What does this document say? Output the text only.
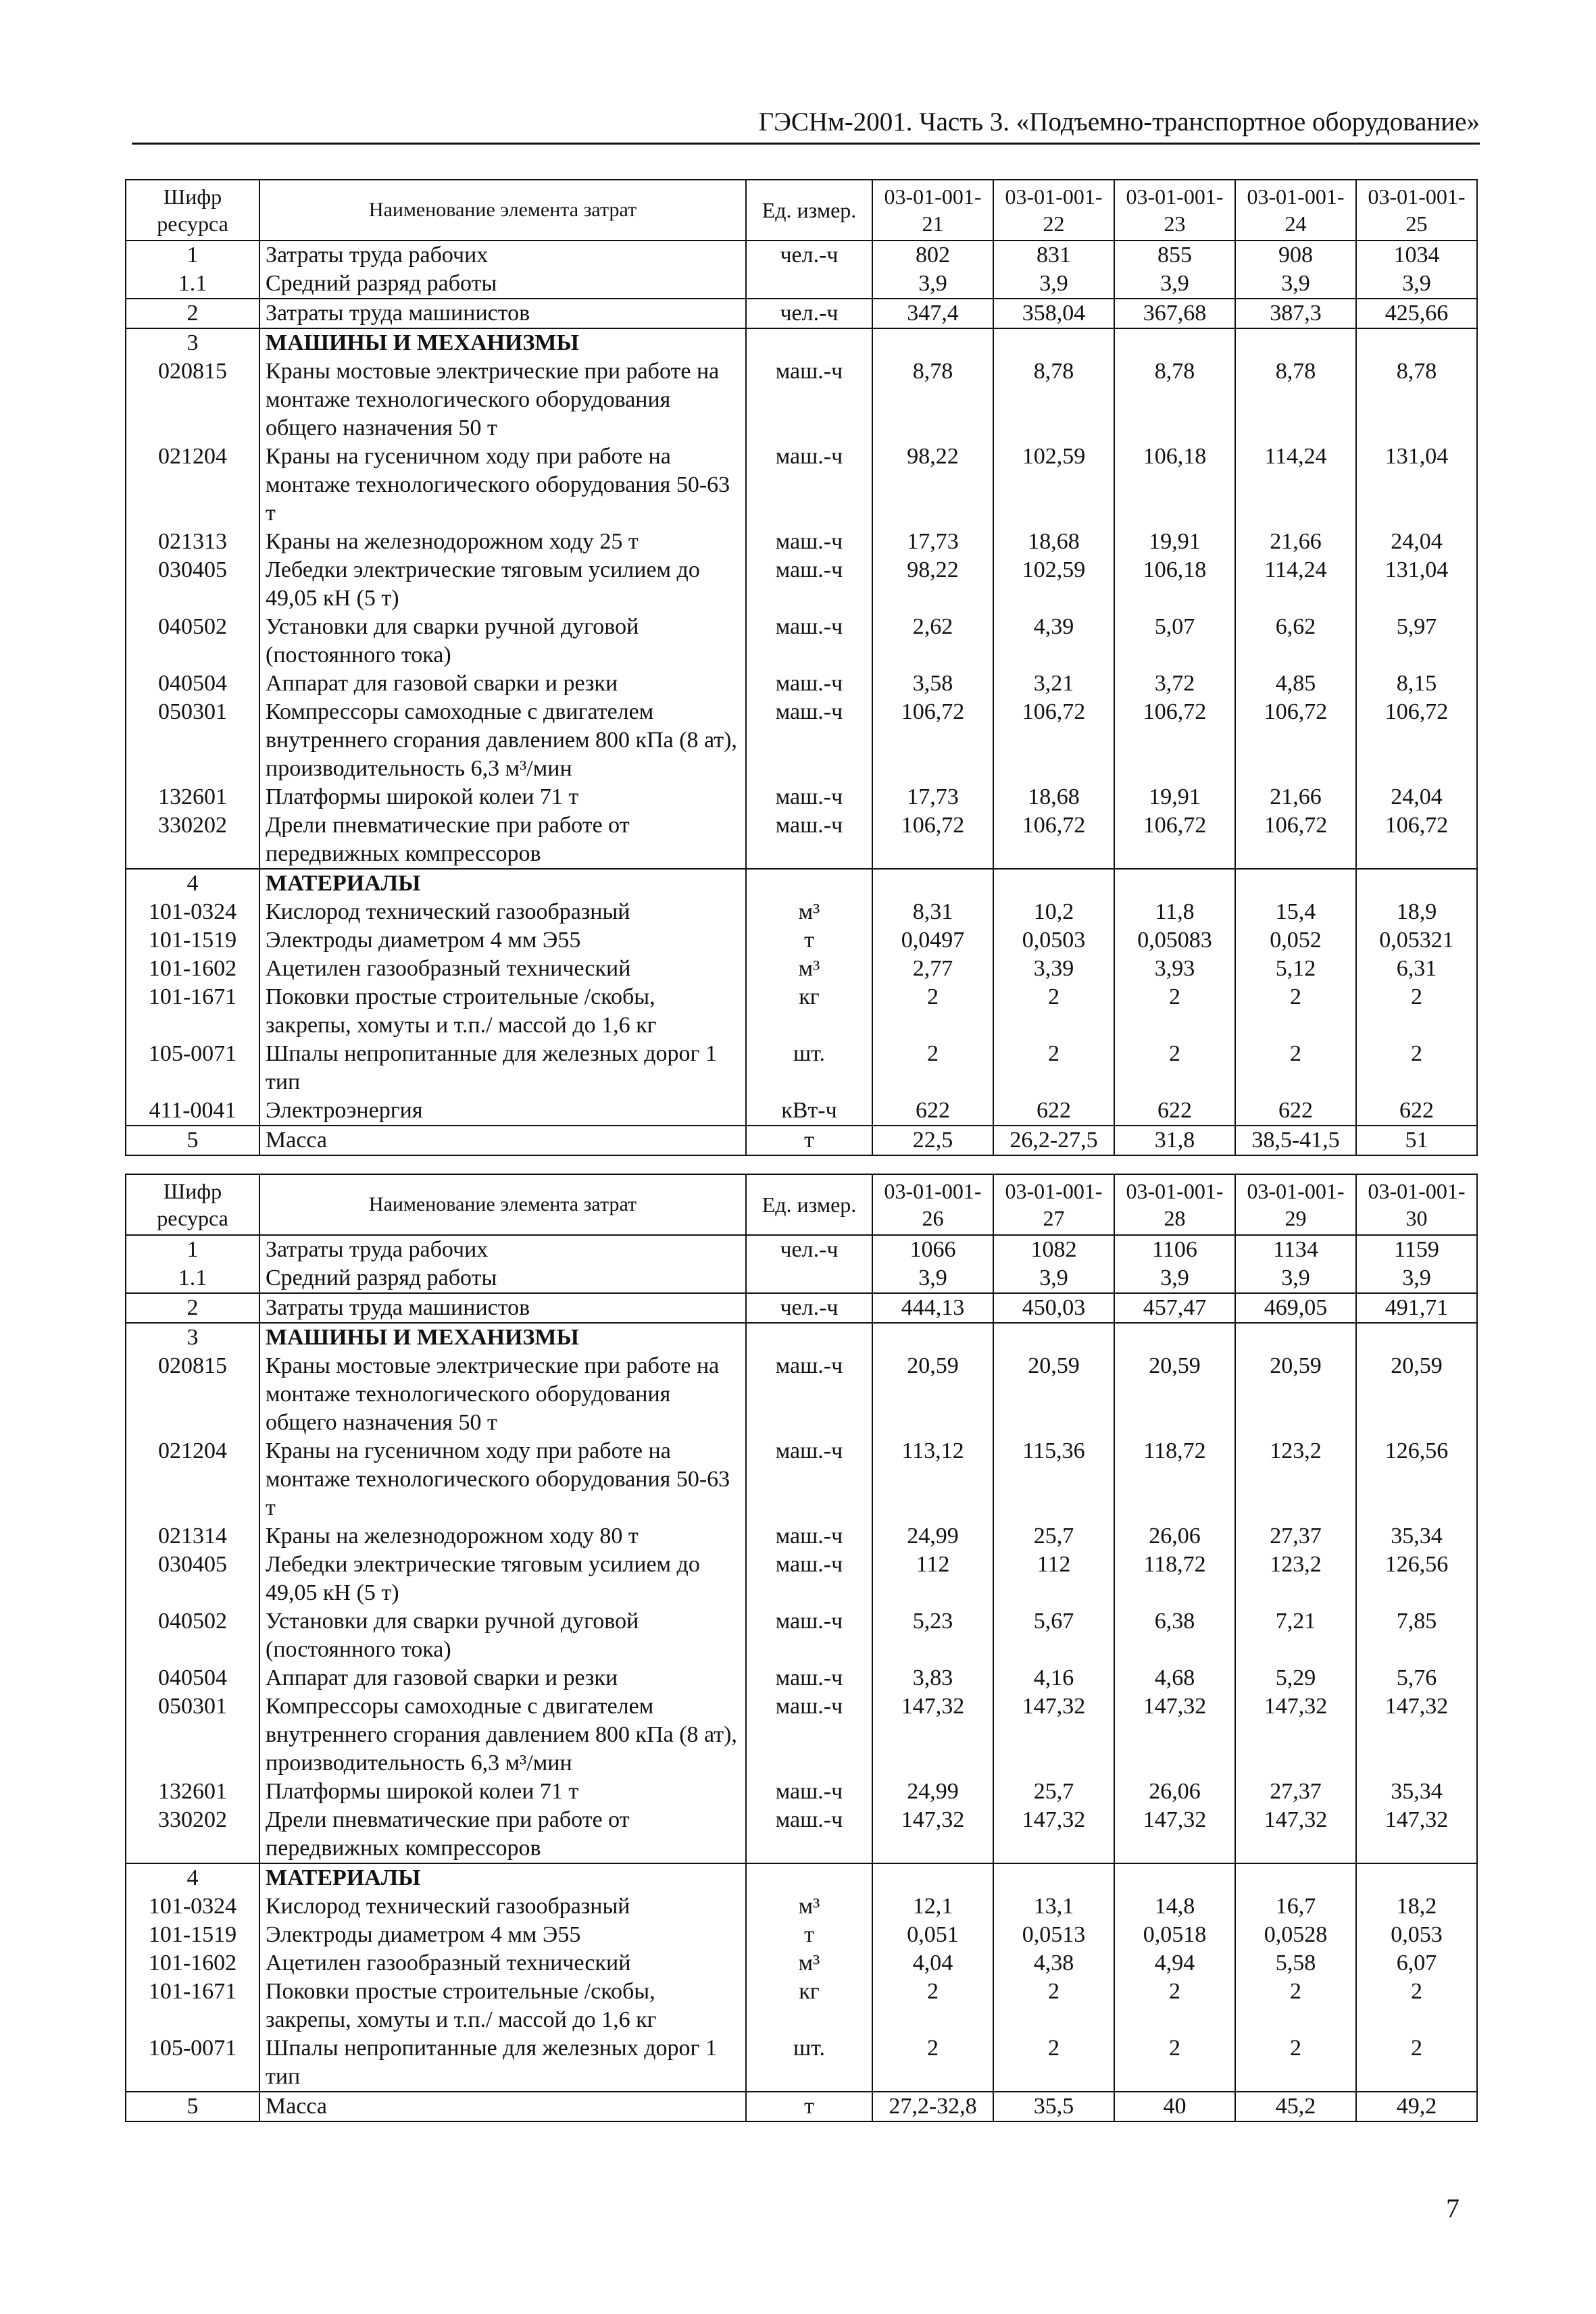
ГЭСНм-2001. Часть 3. «Подъемно-транспортное оборудование»
Шифр ресурса	Наименование элемента затрат	Ед. измер.	03-01-001-21	03-01-001-22	03-01-001-23	03-01-001-24	03-01-001-25
1	Затраты труда рабочих	чел.-ч	802	831	855	908	1034
1.1	Средний разряд работы		3,9	3,9	3,9	3,9	3,9
2	Затраты труда машинистов	чел.-ч	347,4	358,04	367,68	387,3	425,66
3	МАШИНЫ И МЕХАНИЗМЫ						
020815	Краны мостовые электрические при работе на монтаже технологического оборудования общего назначения 50 т	маш.-ч	8,78	8,78	8,78	8,78	8,78
021204	Краны на гусеничном ходу при работе на монтаже технологического оборудования 50-63 т	маш.-ч	98,22	102,59	106,18	114,24	131,04
021313	Краны на железнодорожном ходу 25 т	маш.-ч	17,73	18,68	19,91	21,66	24,04
030405	Лебедки электрические тяговым усилием до 49,05 кН (5 т)	маш.-ч	98,22	102,59	106,18	114,24	131,04
040502	Установки для сварки ручной дуговой (постоянного тока)	маш.-ч	2,62	4,39	5,07	6,62	5,97
040504	Аппарат для газовой сварки и резки	маш.-ч	3,58	3,21	3,72	4,85	8,15
050301	Компрессоры самоходные с двигателем внутреннего сгорания давлением 800 кПа (8 ат), производительность 6,3 м³/мин	маш.-ч	106,72	106,72	106,72	106,72	106,72
132601	Платформы широкой колеи 71 т	маш.-ч	17,73	18,68	19,91	21,66	24,04
330202	Дрели пневматические при работе от передвижных компрессоров	маш.-ч	106,72	106,72	106,72	106,72	106,72
4	МАТЕРИАЛЫ						
101-0324	Кислород технический газообразный	м³	8,31	10,2	11,8	15,4	18,9
101-1519	Электроды диаметром 4 мм Э55	т	0,0497	0,0503	0,05083	0,052	0,05321
101-1602	Ацетилен газообразный технический	м³	2,77	3,39	3,93	5,12	6,31
101-1671	Поковки простые строительные /скобы, закрепы, хомуты и т.п./ массой до 1,6 кг	кг	2	2	2	2	2
105-0071	Шпалы непропитанные для железных дорог 1 тип	шт.	2	2	2	2	2
411-0041	Электроэнергия	кВт-ч	622	622	622	622	622
5	Масса	т	22,5	26,2-27,5	31,8	38,5-41,5	51
Шифр ресурса	Наименование элемента затрат	Ед. измер.	03-01-001-26	03-01-001-27	03-01-001-28	03-01-001-29	03-01-001-30
1	Затраты труда рабочих	чел.-ч	1066	1082	1106	1134	1159
1.1	Средний разряд работы		3,9	3,9	3,9	3,9	3,9
2	Затраты труда машинистов	чел.-ч	444,13	450,03	457,47	469,05	491,71
3	МАШИНЫ И МЕХАНИЗМЫ						
020815	Краны мостовые электрические при работе на монтаже технологического оборудования общего назначения 50 т	маш.-ч	20,59	20,59	20,59	20,59	20,59
021204	Краны на гусеничном ходу при работе на монтаже технологического оборудования 50-63 т	маш.-ч	113,12	115,36	118,72	123,2	126,56
021314	Краны на железнодорожном ходу 80 т	маш.-ч	24,99	25,7	26,06	27,37	35,34
030405	Лебедки электрические тяговым усилием до 49,05 кН (5 т)	маш.-ч	112	112	118,72	123,2	126,56
040502	Установки для сварки ручной дуговой (постоянного тока)	маш.-ч	5,23	5,67	6,38	7,21	7,85
040504	Аппарат для газовой сварки и резки	маш.-ч	3,83	4,16	4,68	5,29	5,76
050301	Компрессоры самоходные с двигателем внутреннего сгорания давлением 800 кПа (8 ат), производительность 6,3 м³/мин	маш.-ч	147,32	147,32	147,32	147,32	147,32
132601	Платформы широкой колеи 71 т	маш.-ч	24,99	25,7	26,06	27,37	35,34
330202	Дрели пневматические при работе от передвижных компрессоров	маш.-ч	147,32	147,32	147,32	147,32	147,32
4	МАТЕРИАЛЫ						
101-0324	Кислород технический газообразный	м³	12,1	13,1	14,8	16,7	18,2
101-1519	Электроды диаметром 4 мм Э55	т	0,051	0,0513	0,0518	0,0528	0,053
101-1602	Ацетилен газообразный технический	м³	4,04	4,38	4,94	5,58	6,07
101-1671	Поковки простые строительные /скобы, закрепы, хомуты и т.п./ массой до 1,6 кг	кг	2	2	2	2	2
105-0071	Шпалы непропитанные для железных дорог 1 тип	шт.	2	2	2	2	2
5	Масса	т	27,2-32,8	35,5	40	45,2	49,2
7
